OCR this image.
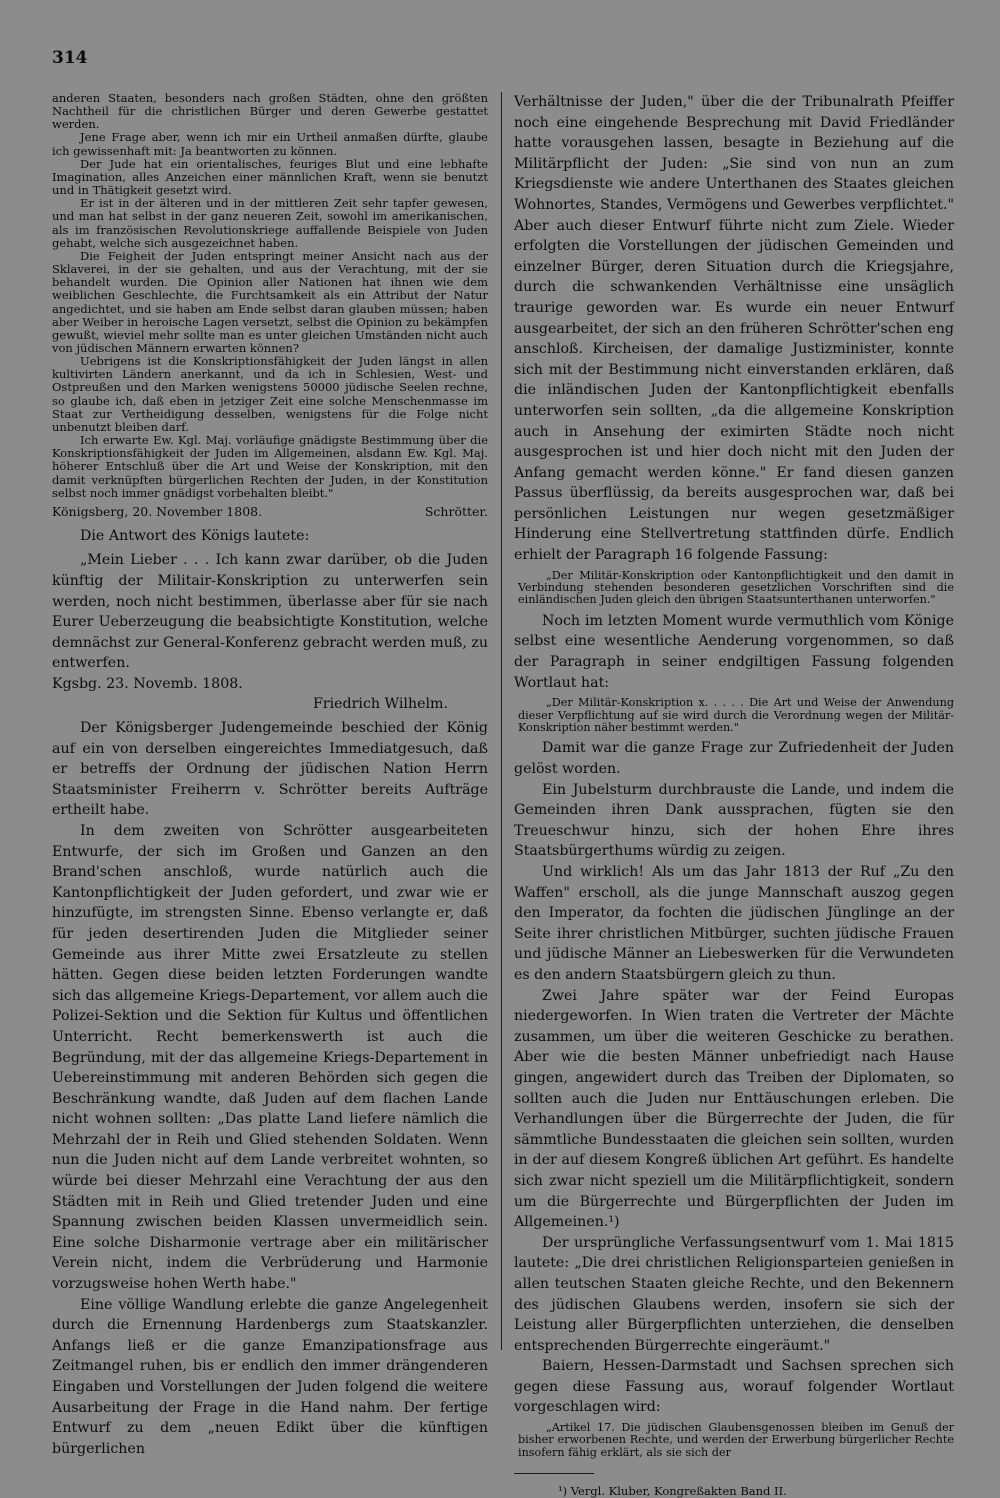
314

anderen Staaten, besonders nach großen Städten, ohne den größten Nachtheil für die christlichen Bürger und deren Gewerbe gestattet werden.

Jene Frage aber, wenn ich mir ein Urtheil anmaßen dürfte, glaube ich gewissenhaft mit: Ja beantworten zu können.

Der Jude hat ein orientalisches, feuriges Blut und eine lebhafte Imagination, alles Anzeichen einer männlichen Kraft, wenn sie benutzt und in Thätigkeit gesetzt wird.

Er ist in der älteren und in der mittleren Zeit sehr tapfer gewesen, und man hat selbst in der ganz neueren Zeit, sowohl im amerikanischen, als im französischen Revolutionskriege auffallende Beispiele von Juden gehabt, welche sich ausgezeichnet haben.

Die Feigheit der Juden entspringt meiner Ansicht nach aus der Sklaverei, in der sie gehalten, und aus der Verachtung, mit der sie behandelt wurden. Die Opinion aller Nationen hat ihnen wie dem weiblichen Geschlechte, die Furchtsamkeit als ein Attribut der Natur angedichtet, und sie haben am Ende selbst daran glauben müssen; haben aber Weiber in heroische Lagen versetzt, selbst die Opinion zu bekämpfen gewußt, wieviel mehr sollte man es unter gleichen Umständen nicht auch von jüdischen Männern erwarten können?

Uebrigens ist die Konskriptionsfähigkeit der Juden längst in allen kultivirten Ländern anerkannt, und da ich in Schlesien, West- und Ostpreußen und den Marken wenigstens 50000 jüdische Seelen rechne, so glaube ich, daß eben in jetziger Zeit eine solche Menschenmasse im Staat zur Vertheidigung desselben, wenigstens für die Folge nicht unbenutzt bleiben darf.

Ich erwarte Ew. Kgl. Maj. vorläufige gnädigste Bestimmung über die Konskriptionsfähigkeit der Juden im Allgemeinen, alsdann Ew. Kgl. Maj. höherer Entschluß über die Art und Weise der Konskription, mit den damit verknüpften bürgerlichen Rechten der Juden, in der Konstitution selbst noch immer gnädigst vorbehalten bleibt."

Königsberg, 20. November 1808.	Schrötter.

Die Antwort des Königs lautete:

„Mein Lieber . . . Ich kann zwar darüber, ob die Juden künftig der Militair-Konskription zu unterwerfen sein werden, noch nicht bestimmen, überlasse aber für sie nach Eurer Ueberzeugung die beabsichtigte Konstitution, welche demnächst zur General-Konferenz gebracht werden muß, zu entwerfen.

Kgsbg. 23. Novemb. 1808.
Friedrich Wilhelm.

Der Königsberger Judengemeinde beschied der König auf ein von derselben eingereichtes Immediatgesuch, daß er betreffs der Ordnung der jüdischen Nation Herrn Staatsminister Freiherrn v. Schrötter bereits Aufträge ertheilt habe.

In dem zweiten von Schrötter ausgearbeiteten Entwurfe, der sich im Großen und Ganzen an den Brand'schen anschloß, wurde natürlich auch die Kantonpflichtigkeit der Juden gefordert, und zwar wie er hinzufügte, im strengsten Sinne. Ebenso verlangte er, daß für jeden desertirenden Juden die Mitglieder seiner Gemeinde aus ihrer Mitte zwei Ersatzleute zu stellen hätten. Gegen diese beiden letzten Forderungen wandte sich das allgemeine Kriegs-Departement, vor allem auch die Polizei-Sektion und die Sektion für Kultus und öffentlichen Unterricht. Recht bemerkenswerth ist auch die Begründung, mit der das allgemeine Kriegs-Departement in Uebereinstimmung mit anderen Behörden sich gegen die Beschränkung wandte, daß Juden auf dem flachen Lande nicht wohnen sollten: „Das platte Land liefere nämlich die Mehrzahl der in Reih und Glied stehenden Soldaten. Wenn nun die Juden nicht auf dem Lande verbreitet wohnten, so würde bei dieser Mehrzahl eine Verachtung der aus den Städten mit in Reih und Glied tretender Juden und eine Spannung zwischen beiden Klassen unvermeidlich sein. Eine solche Disharmonie vertrage aber ein militärischer Verein nicht, indem die Verbrüderung und Harmonie vorzugsweise hohen Werth habe."

Eine völlige Wandlung erlebte die ganze Angelegenheit durch die Ernennung Hardenbergs zum Staatskanzler. Anfangs ließ er die ganze Emanzipationsfrage aus Zeitmangel ruhen, bis er endlich den immer drängenderen Eingaben und Vorstellungen der Juden folgend die weitere Ausarbeitung der Frage in die Hand nahm. Der fertige Entwurf zu dem „neuen Edikt über die künftigen bürgerlichen

Verhältnisse der Juden," über die der Tribunalrath Pfeiffer noch eine eingehende Besprechung mit David Friedländer hatte vorausgehen lassen, besagte in Beziehung auf die Militärpflicht der Juden: „Sie sind von nun an zum Kriegsdienste wie andere Unterthanen des Staates gleichen Wohnortes, Standes, Vermögens und Gewerbes verpflichtet." Aber auch dieser Entwurf führte nicht zum Ziele. Wieder erfolgten die Vorstellungen der jüdischen Gemeinden und einzelner Bürger, deren Situation durch die Kriegsjahre, durch die schwankenden Verhältnisse eine unsäglich traurige geworden war. Es wurde ein neuer Entwurf ausgearbeitet, der sich an den früheren Schrötter'schen eng anschloß. Kircheisen, der damalige Justizminister, konnte sich mit der Bestimmung nicht einverstanden erklären, daß die inländischen Juden der Kantonpflichtigkeit ebenfalls unterworfen sein sollten, „da die allgemeine Konskription auch in Ansehung der eximirten Städte noch nicht ausgesprochen ist und hier doch nicht mit den Juden der Anfang gemacht werden könne." Er fand diesen ganzen Passus überflüssig, da bereits ausgesprochen war, daß bei persönlichen Leistungen nur wegen gesetzmäßiger Hinderung eine Stellvertretung stattfinden dürfe. Endlich erhielt der Paragraph 16 folgende Fassung:

„Der Militär-Konskription oder Kantonpflichtigkeit und den damit in Verbindung stehenden besonderen gesetzlichen Vorschriften sind die einländischen Juden gleich den übrigen Staatsunterthanen unterworfen."

Noch im letzten Moment wurde vermuthlich vom Könige selbst eine wesentliche Aenderung vorgenommen, so daß der Paragraph in seiner endgiltigen Fassung folgenden Wortlaut hat:

„Der Militär-Konskription x. . . . . Die Art und Weise der Anwendung dieser Verpflichtung auf sie wird durch die Verordnung wegen der Militär-Konskription näher bestimmt werden."

Damit war die ganze Frage zur Zufriedenheit der Juden gelöst worden.

Ein Jubelsturm durchbrauste die Lande, und indem die Gemeinden ihren Dank aussprachen, fügten sie den Treueschwur hinzu, sich der hohen Ehre ihres Staatsbürgerthums würdig zu zeigen.

Und wirklich! Als um das Jahr 1813 der Ruf „Zu den Waffen" erscholl, als die junge Mannschaft auszog gegen den Imperator, da fochten die jüdischen Jünglinge an der Seite ihrer christlichen Mitbürger, suchten jüdische Frauen und jüdische Männer an Liebeswerken für die Verwundeten es den andern Staatsbürgern gleich zu thun.

Zwei Jahre später war der Feind Europas niedergeworfen. In Wien traten die Vertreter der Mächte zusammen, um über die weiteren Geschicke zu berathen. Aber wie die besten Männer unbefriedigt nach Hause gingen, angewidert durch das Treiben der Diplomaten, so sollten auch die Juden nur Enttäuschungen erleben. Die Verhandlungen über die Bürgerrechte der Juden, die für sämmtliche Bundesstaaten die gleichen sein sollten, wurden in der auf diesem Kongreß üblichen Art geführt. Es handelte sich zwar nicht speziell um die Militärpflichtigkeit, sondern um die Bürgerrechte und Bürgerpflichten der Juden im Allgemeinen.¹)

Der ursprüngliche Verfassungsentwurf vom 1. Mai 1815 lautete: „Die drei christlichen Religionsparteien genießen in allen teutschen Staaten gleiche Rechte, und den Bekennern des jüdischen Glaubens werden, insofern sie sich der Leistung aller Bürgerpflichten unterziehen, die denselben entsprechenden Bürgerrechte eingeräumt."

Baiern, Hessen-Darmstadt und Sachsen sprechen sich gegen diese Fassung aus, worauf folgender Wortlaut vorgeschlagen wird:

„Artikel 17. Die jüdischen Glaubensgenossen bleiben im Genuß der bisher erworbenen Rechte, und werden der Erwerbung bürgerlicher Rechte insofern fähig erklärt, als sie sich der

¹) Vergl. Kluber, Kongreßakten Band II.
